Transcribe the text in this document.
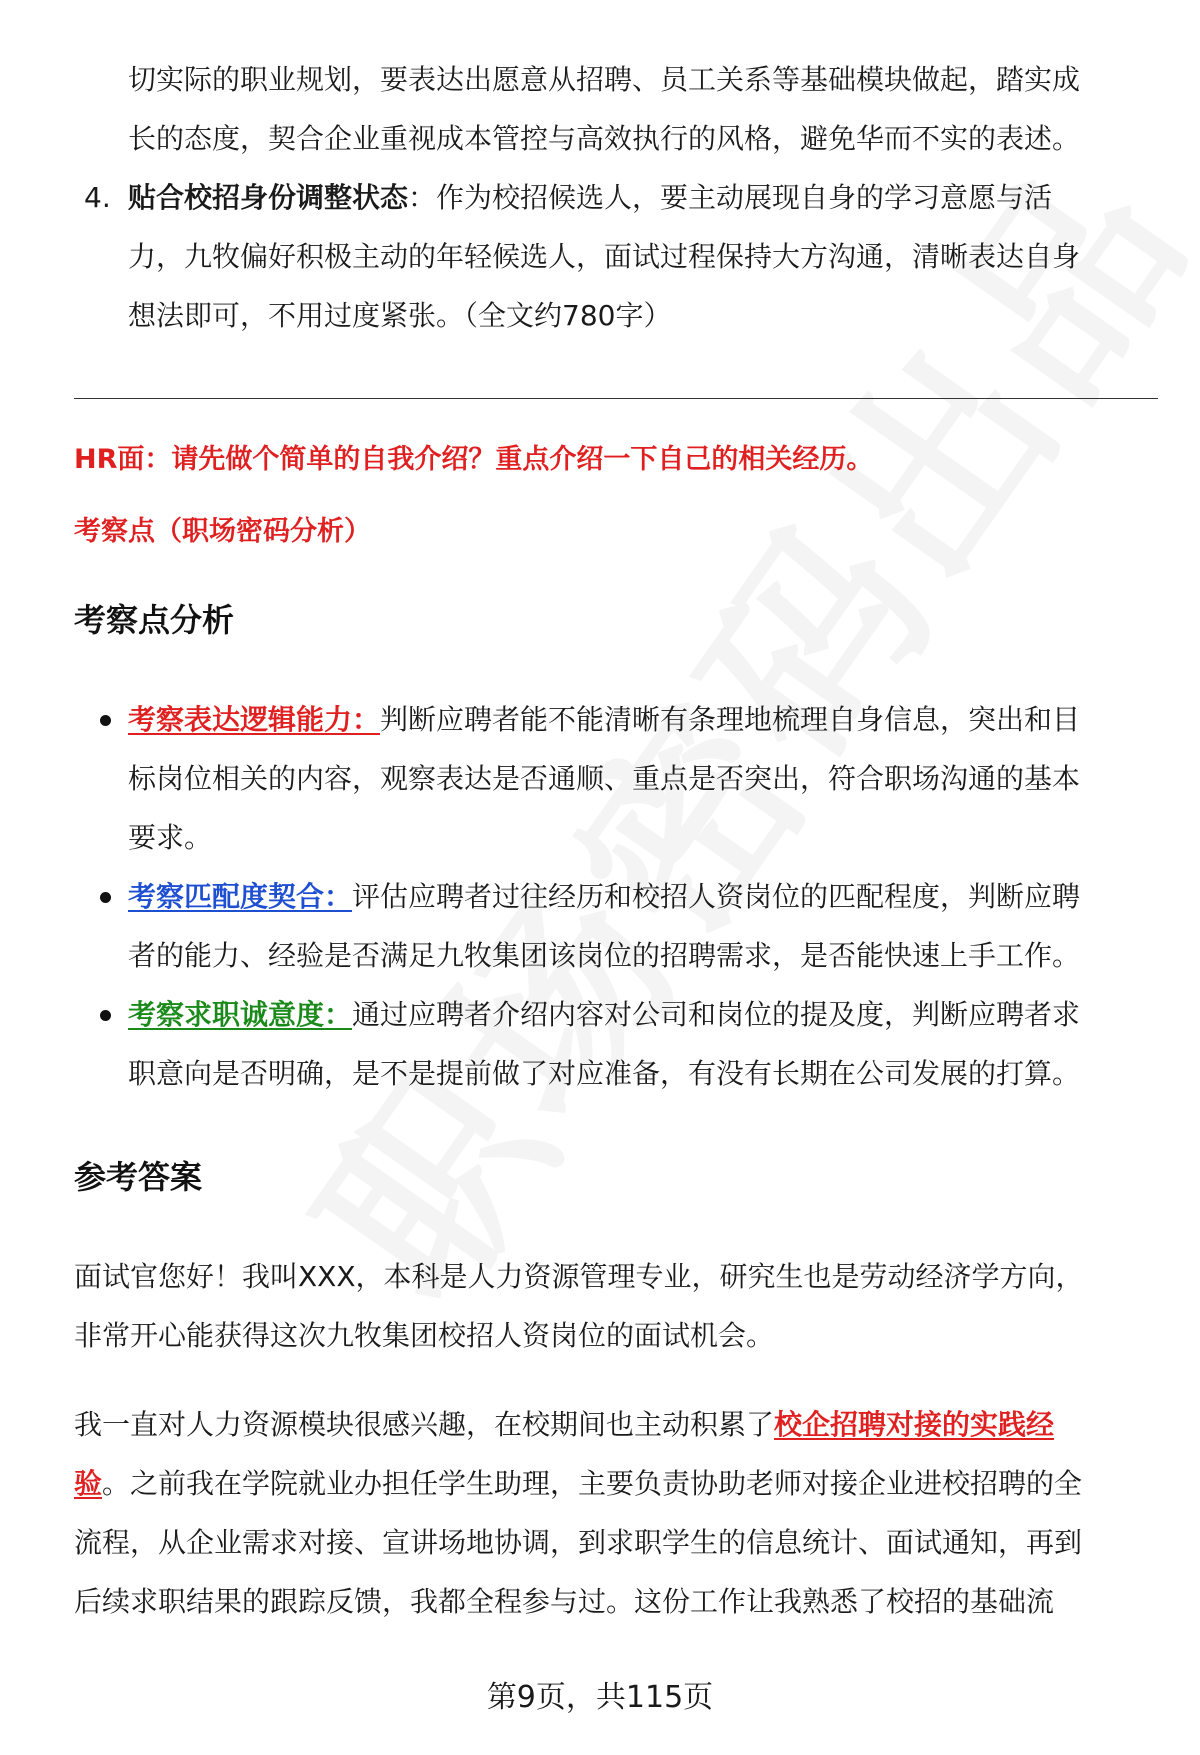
切实际的职业规划，要表达出愿意从招聘、员工关系等基础模块做起，踏实成
长的态度，契合企业重视成本管控与高效执行的风格，避免华而不实的表述。
4. 贴合校招身份调整状态：作为校招候选人，要主动展现自身的学习意愿与活
力，九牧偏好积极主动的年轻候选人，面试过程保持大方沟通，清晰表达自身
想法即可，不用过度紧张。（全文约780字）
HR面：请先做个简单的自我介绍？重点介绍一下自己的相关经历。
考察点（职场密码分析）
考察点分析
考察表达逻辑能力：判断应聘者能不能清晰有条理地梳理自身信息，突出和目
标岗位相关的内容，观察表达是否通顺、重点是否突出，符合职场沟通的基本
要求。
考察匹配度契合：评估应聘者过往经历和校招人资岗位的匹配程度，判断应聘
者的能力、经验是否满足九牧集团该岗位的招聘需求，是否能快速上手工作。
考察求职诚意度：通过应聘者介绍内容对公司和岗位的提及度，判断应聘者求
职意向是否明确，是不是提前做了对应准备，有没有长期在公司发展的打算。
参考答案
面试官您好！我叫XXX，本科是人力资源管理专业，研究生也是劳动经济学方向，
非常开心能获得这次九牧集团校招人资岗位的面试机会。
我一直对人力资源模块很感兴趣，在校期间也主动积累了校企招聘对接的实践经
验。之前我在学院就业办担任学生助理，主要负责协助老师对接企业进校招聘的全
流程，从企业需求对接、宣讲场地协调，到求职学生的信息统计、面试通知，再到
后续求职结果的跟踪反馈，我都全程参与过。这份工作让我熟悉了校招的基础流
第9页，共115页
